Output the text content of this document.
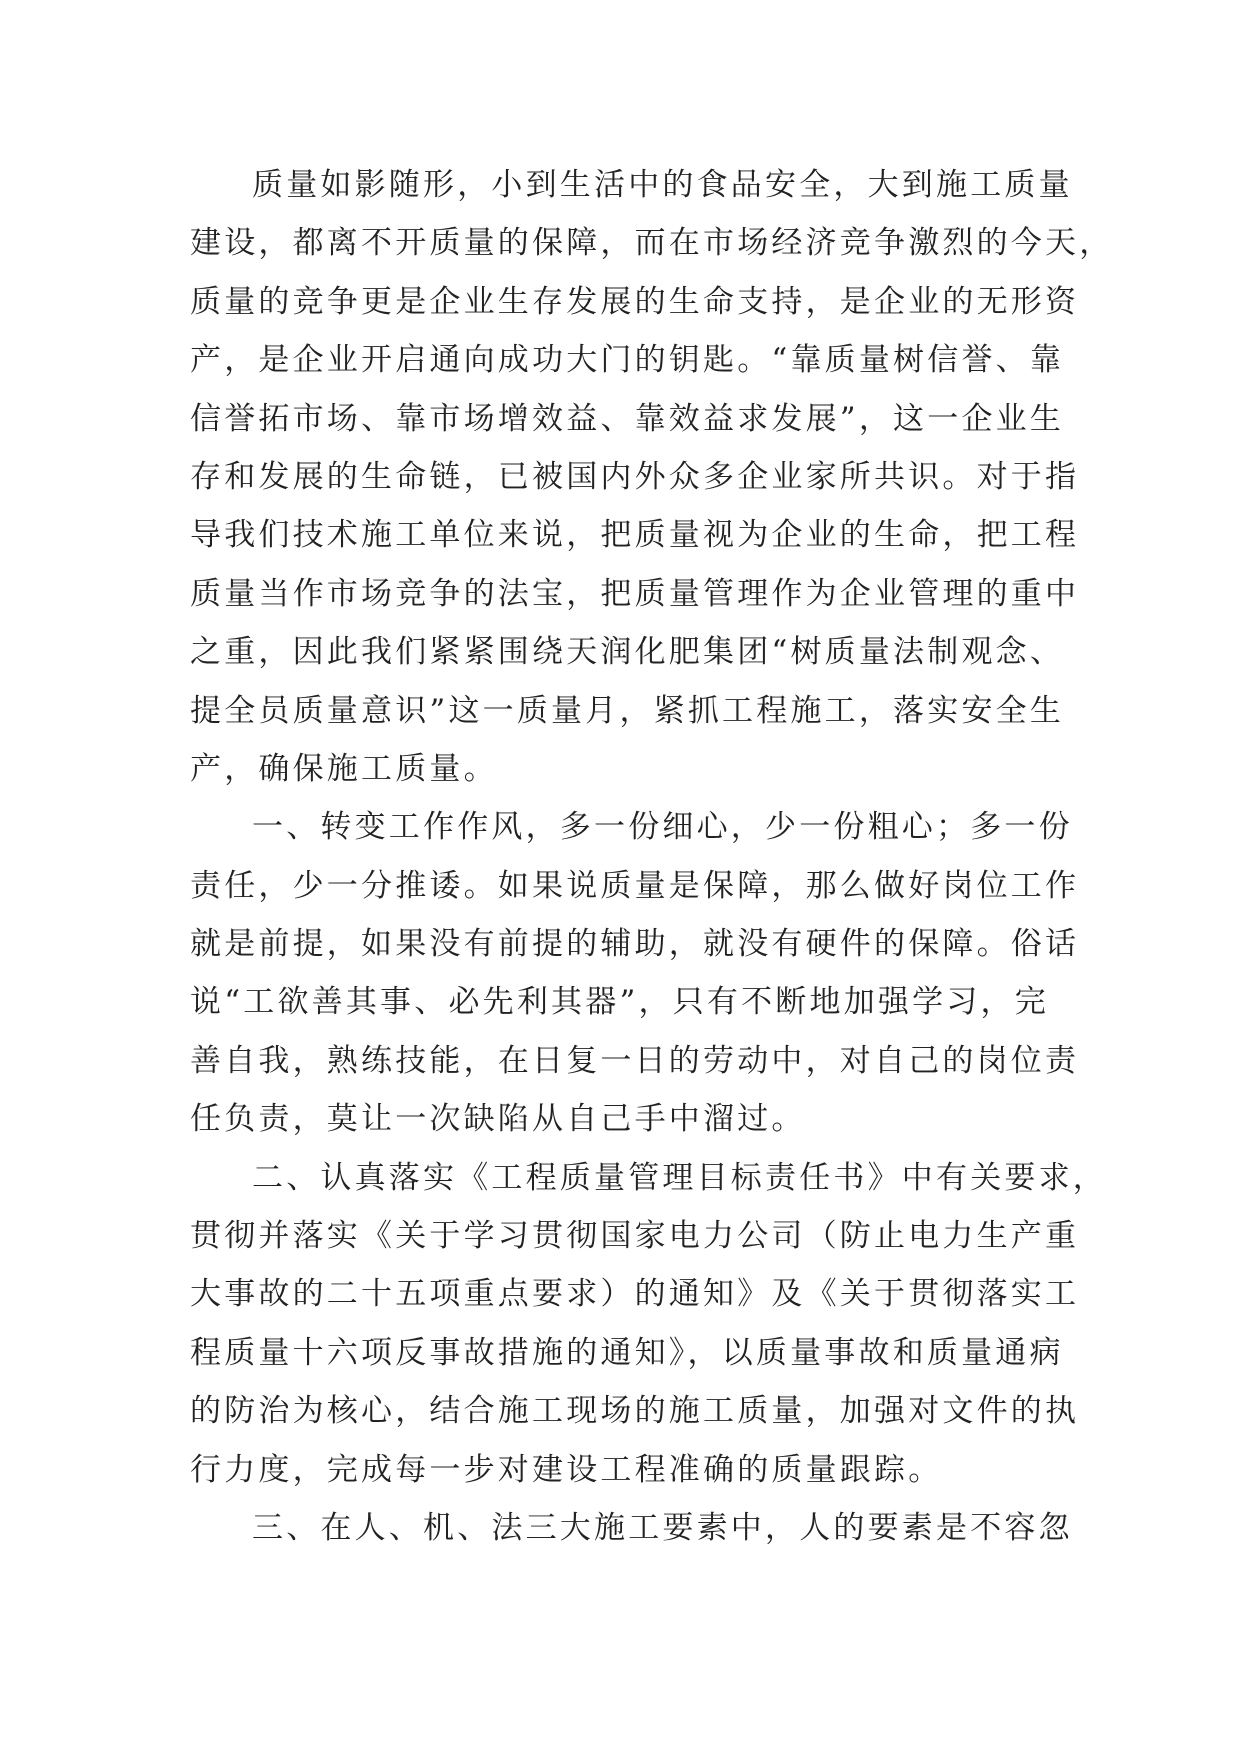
质量如影随形，小到生活中的食品安全，大到施工质量
建设，都离不开质量的保障，而在市场经济竞争激烈的今天，
质量的竞争更是企业生存发展的生命支持，是企业的无形资
产，是企业开启通向成功大门的钥匙。“靠质量树信誉、靠
信誉拓市场、靠市场增效益、靠效益求发展”，这一企业生
存和发展的生命链，已被国内外众多企业家所共识。对于指
导我们技术施工单位来说，把质量视为企业的生命，把工程
质量当作市场竞争的法宝，把质量管理作为企业管理的重中
之重，因此我们紧紧围绕天润化肥集团“树质量法制观念、
提全员质量意识”这一质量月，紧抓工程施工，落实安全生
产，确保施工质量。
一、转变工作作风，多一份细心，少一份粗心；多一份
责任，少一分推诿。如果说质量是保障，那么做好岗位工作
就是前提，如果没有前提的辅助，就没有硬件的保障。俗话
说“工欲善其事、必先利其器”，只有不断地加强学习，完
善自我，熟练技能，在日复一日的劳动中，对自己的岗位责
任负责，莫让一次缺陷从自己手中溜过。
二、认真落实《工程质量管理目标责任书》中有关要求，
贯彻并落实《关于学习贯彻国家电力公司（防止电力生产重
大事故的二十五项重点要求）的通知》及《关于贯彻落实工
程质量十六项反事故措施的通知》，以质量事故和质量通病
的防治为核心，结合施工现场的施工质量，加强对文件的执
行力度，完成每一步对建设工程准确的质量跟踪。
三、在人、机、法三大施工要素中，人的要素是不容忽
